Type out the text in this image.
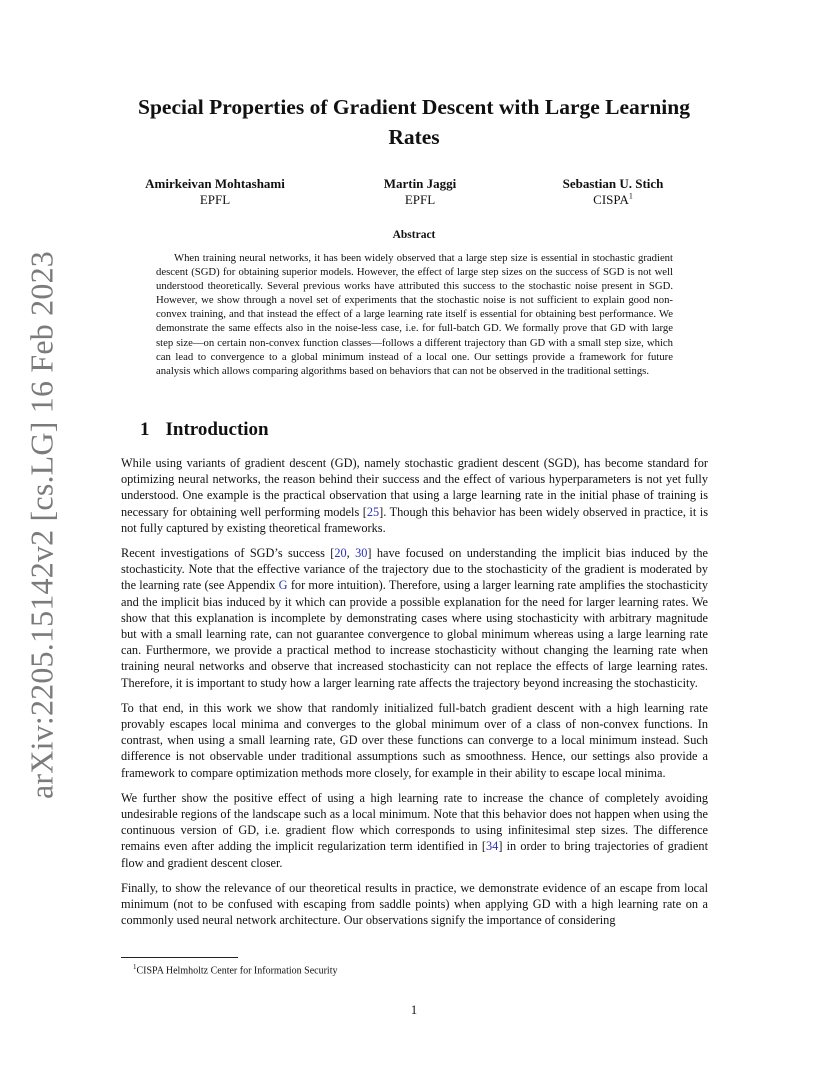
arXiv:2205.15142v2 [cs.LG] 16 Feb 2023
Special Properties of Gradient Descent with Large Learning Rates
Amirkeivan Mohtashami
EPFL
Martin Jaggi
EPFL
Sebastian U. Stich
CISPA$^1$
Abstract
When training neural networks, it has been widely observed that a large step size is essential in stochastic gradient descent (SGD) for obtaining superior models. However, the effect of large step sizes on the success of SGD is not well understood theoretically. Several previous works have attributed this success to the stochastic noise present in SGD. However, we show through a novel set of experiments that the stochastic noise is not sufficient to explain good non-convex training, and that instead the effect of a large learning rate itself is essential for obtaining best performance. We demonstrate the same effects also in the noise-less case, i.e. for full-batch GD. We formally prove that GD with large step size—on certain non-convex function classes—follows a different trajectory than GD with a small step size, which can lead to convergence to a global minimum instead of a local one. Our settings provide a framework for future analysis which allows comparing algorithms based on behaviors that can not be observed in the traditional settings.
1 Introduction

While using variants of gradient descent (GD), namely stochastic gradient descent (SGD), has become standard for optimizing neural networks, the reason behind their success and the effect of various hyperparameters is not yet fully understood. One example is the practical observation that using a large learning rate in the initial phase of training is necessary for obtaining well performing models [25]. Though this behavior has been widely observed in practice, it is not fully captured by existing theoretical frameworks.

Recent investigations of SGD’s success [20, 30] have focused on understanding the implicit bias induced by the stochasticity. Note that the effective variance of the trajectory due to the stochasticity of the gradient is moderated by the learning rate (see Appendix G for more intuition). Therefore, using a larger learning rate amplifies the stochasticity and the implicit bias induced by it which can provide a possible explanation for the need for larger learning rates. We show that this explanation is incomplete by demonstrating cases where using stochasticity with arbitrary magnitude but with a small learning rate, can not guarantee convergence to global minimum whereas using a large learning rate can. Furthermore, we provide a practical method to increase stochasticity without changing the learning rate when training neural networks and observe that increased stochasticity can not replace the effects of large learning rates. Therefore, it is important to study how a larger learning rate affects the trajectory beyond increasing the stochasticity.

To that end, in this work we show that randomly initialized full-batch gradient descent with a high learning rate provably escapes local minima and converges to the global minimum over of a class of non-convex functions. In contrast, when using a small learning rate, GD over these functions can converge to a local minimum instead. Such difference is not observable under traditional assumptions such as smoothness. Hence, our settings also provide a framework to compare optimization methods more closely, for example in their ability to escape local minima.

We further show the positive effect of using a high learning rate to increase the chance of completely avoiding undesirable regions of the landscape such as a local minimum. Note that this behavior does not happen when using the continuous version of GD, i.e. gradient flow which corresponds to using infinitesimal step sizes. The difference remains even after adding the implicit regularization term identified in [34] in order to bring trajectories of gradient flow and gradient descent closer.

Finally, to show the relevance of our theoretical results in practice, we demonstrate evidence of an escape from local minimum (not to be confused with escaping from saddle points) when applying GD with a high learning rate on a commonly used neural network architecture. Our observations signify the importance of considering

$^1$CISPA Helmholtz Center for Information Security
1
